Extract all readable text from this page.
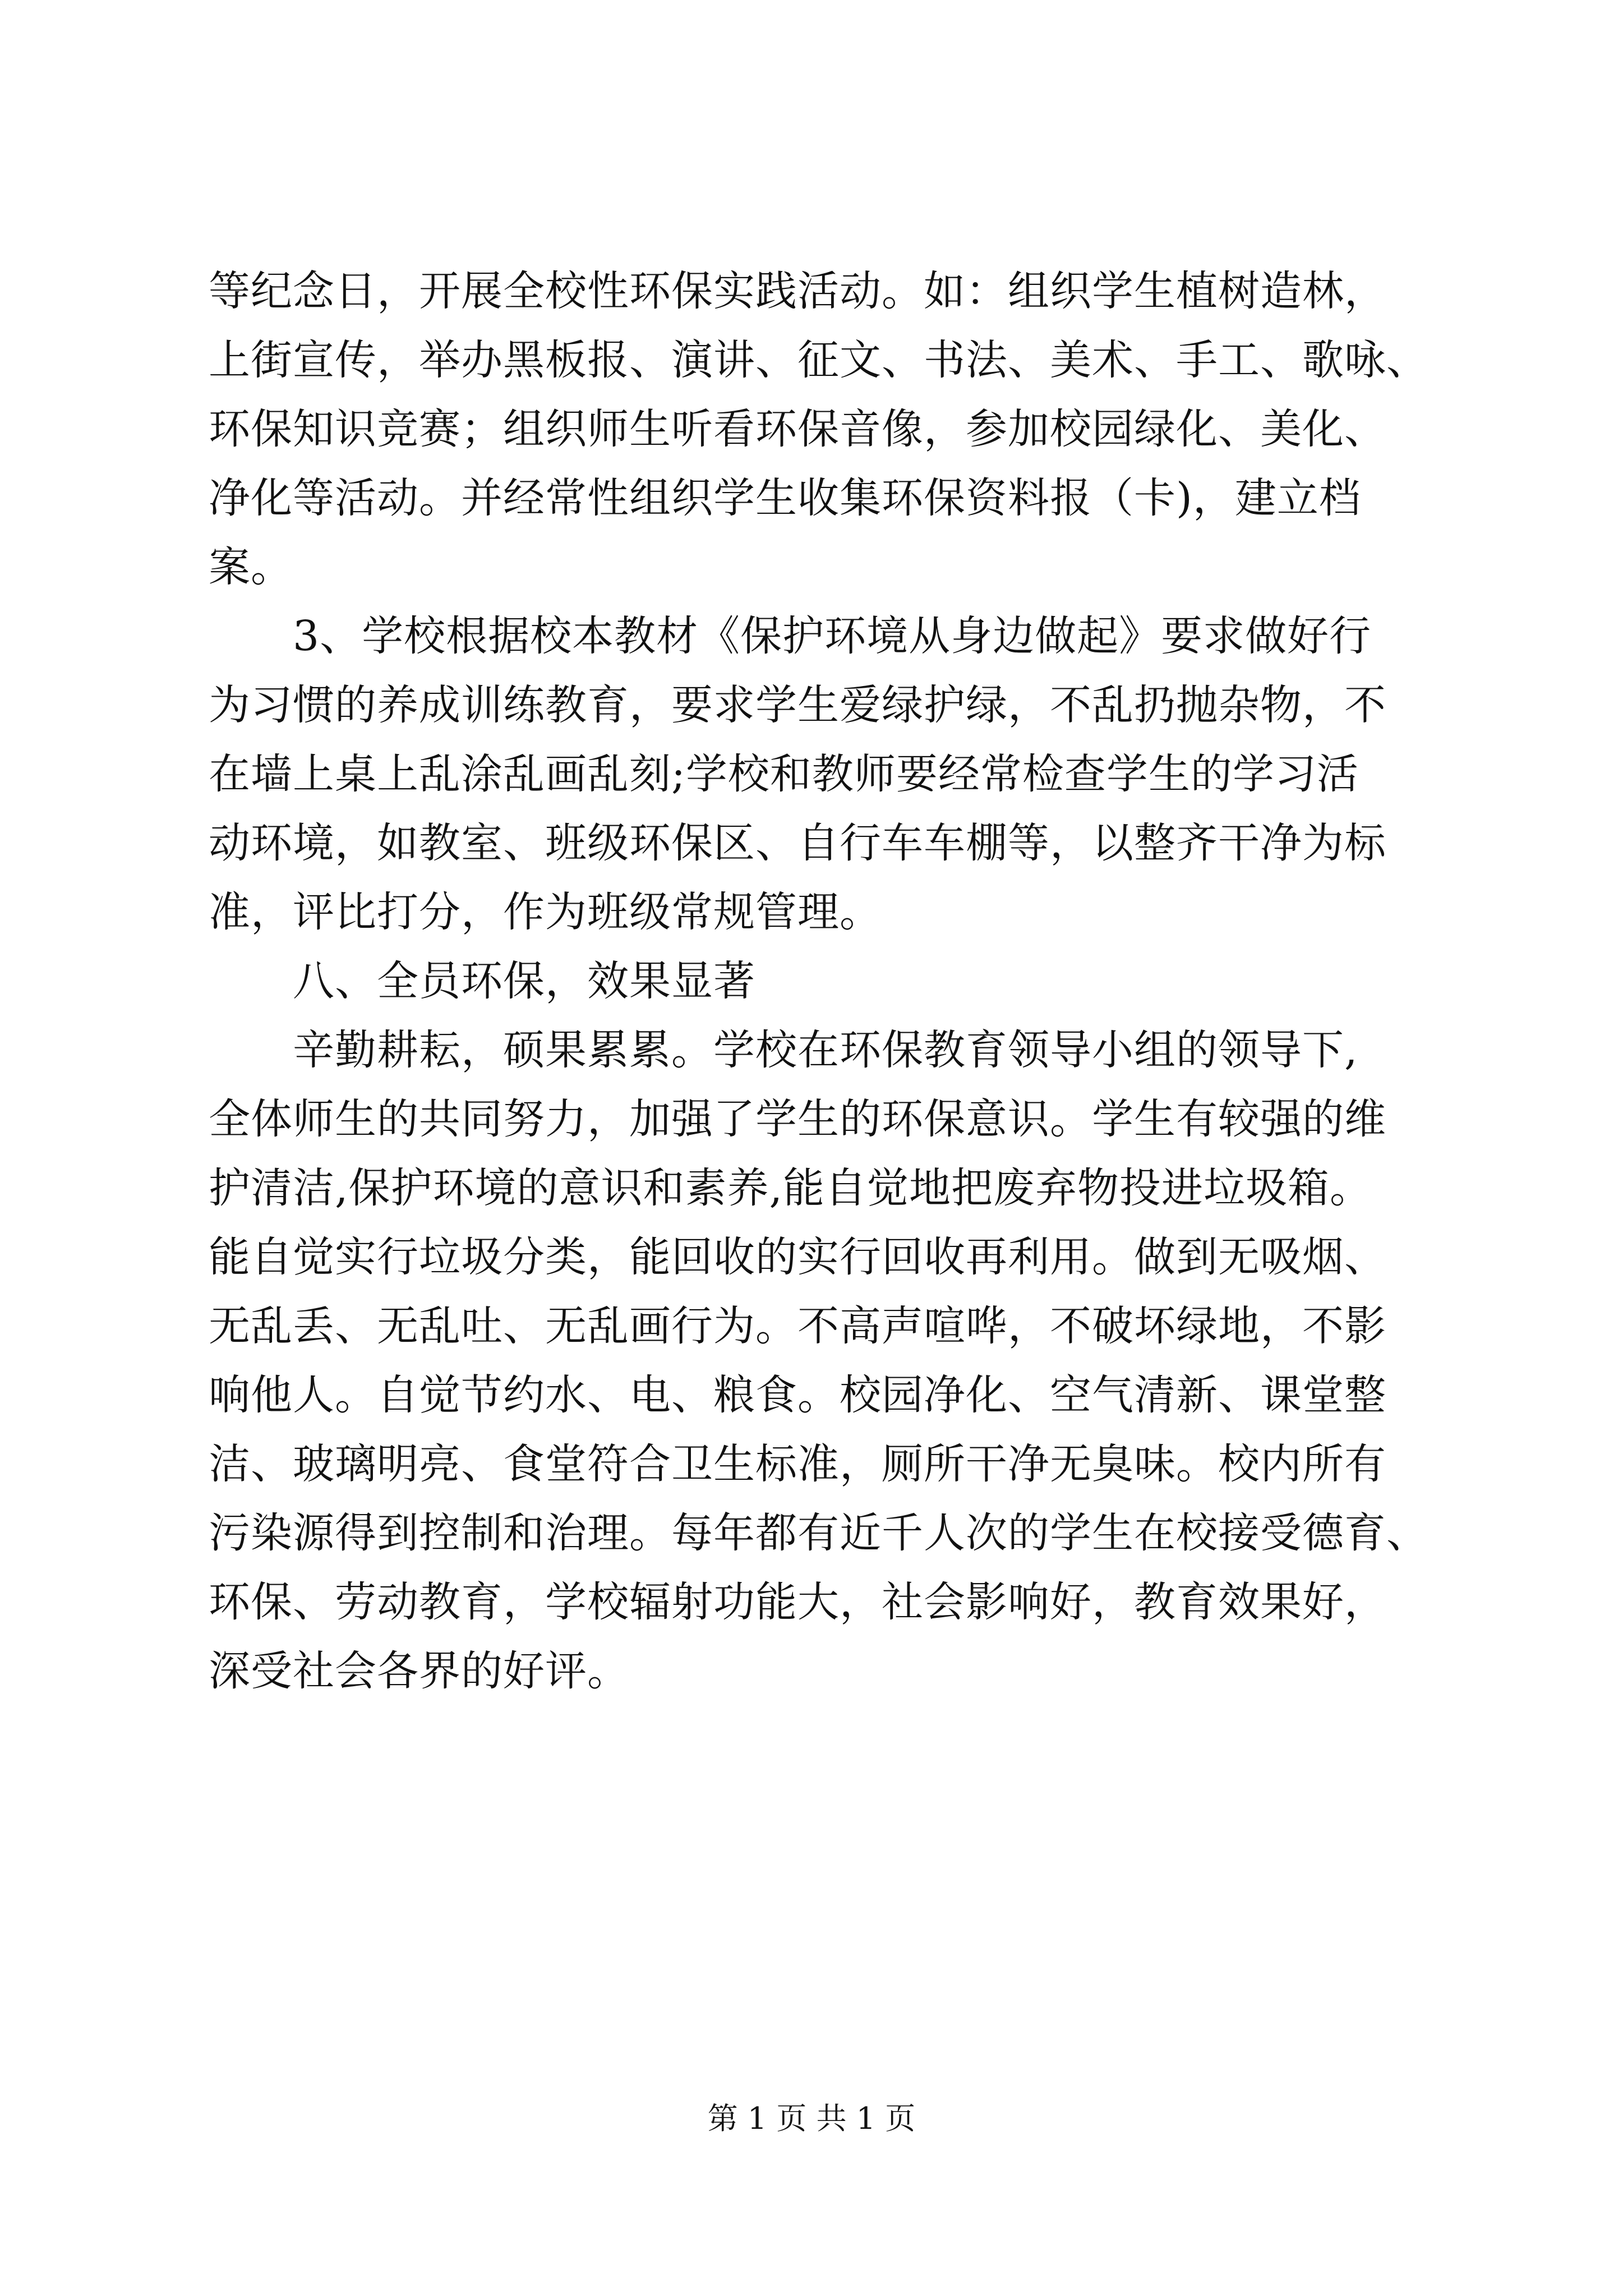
等纪念日，开展全校性环保实践活动。如：组织学生植树造林，
上街宣传，举办黑板报、演讲、征文、书法、美术、手工、歌咏、
环保知识竞赛；组织师生听看环保音像，参加校园绿化、美化、
净化等活动。并经常性组织学生收集环保资料报（卡)，建立档
案。
3、学校根据校本教材《保护环境从身边做起》要求做好行
为习惯的养成训练教育，要求学生爱绿护绿，不乱扔抛杂物，不
在墙上桌上乱涂乱画乱刻;学校和教师要经常检查学生的学习活
动环境，如教室、班级环保区、自行车车棚等，以整齐干净为标
准，评比打分，作为班级常规管理。
八、全员环保，效果显著
辛勤耕耘，硕果累累。学校在环保教育领导小组的领导下,
全体师生的共同努力，加强了学生的环保意识。学生有较强的维
护清洁,保护环境的意识和素养,能自觉地把废弃物投进垃圾箱。
能自觉实行垃圾分类，能回收的实行回收再利用。做到无吸烟、
无乱丢、无乱吐、无乱画行为。不高声喧哗，不破坏绿地，不影
响他人。自觉节约水、电、粮食。校园净化、空气清新、课堂整
洁、玻璃明亮、食堂符合卫生标准，厕所干净无臭味。校内所有
污染源得到控制和治理。每年都有近千人次的学生在校接受德育、
环保、劳动教育，学校辐射功能大，社会影响好，教育效果好，
深受社会各界的好评。
第 1 页 共 1 页
